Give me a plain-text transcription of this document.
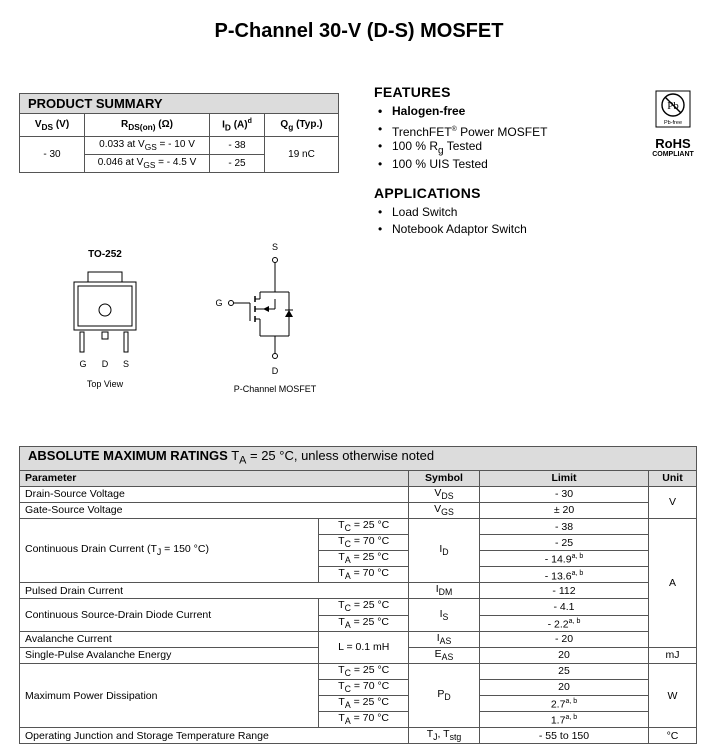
P-Channel 30-V (D-S) MOSFET
PRODUCT SUMMARY			
$V_{DS}$ (V)	$R_{DS(on)}$ (Ω)	$I_D$ $(A)^d$	$Q_g$ (Typ.)
- 30	0.033 at $V_{GS}$ = - 10 V	- 38	19 nC
	0.046 at $V_{GS}$ = - 4.5 V	- 25	
FEATURES
• Halogen-free
• TrenchFET® Power MOSFET
• 100 % $R_g$ Tested
• 100 % UIS Tested
APPLICATIONS
• Load Switch
• Notebook Adaptor Switch
Pb
Pb-free
RoHS
COMPLIANT
TO-252
G D S
Top View
S
D
G
P-Channel MOSFET
ABSOLUTE MAXIMUM RATINGS $T_A = 25$ °C, unless otherwise noted				
Parameter		Symbol	Limit	Unit
Drain-Source Voltage		$V_{DS}$	- 30	V
Gate-Source Voltage		$V_{GS}$	± 20	
Continuous Drain Current ($T_J = 150$ °C)	$T_C = 25$ °C	$I_D$	- 38	A
	$T_C = 70$ °C		- 25	
	$T_A = 25$ °C		- 14.9$^{a, b}$
	$T_A = 70$ °C		- 13.6$^{a, b}$
Pulsed Drain Current		$I_{DM}$	- 112	
Continuous Source-Drain Diode Current	$T_C = 25$ °C	$I_S$	- 4.1	
	$T_A = 25$ °C		- 2.2$^{a, b}$
Avalanche Current	L = 0.1 mH	$I_{AS}$	- 20	
Single-Pulse Avalanche Energy		$E_{AS}$	20	mJ
Maximum Power Dissipation	$T_C = 25$ °C	$P_D$	25	W
	$T_C = 70$ °C		20	
	$T_A = 25$ °C		2.7$^{a, b}$
	$T_A = 70$ °C		1.7$^{a, b}$
Operating Junction and Storage Temperature Range		$T_J$, $T_{stg}$	- 55 to 150	°C
